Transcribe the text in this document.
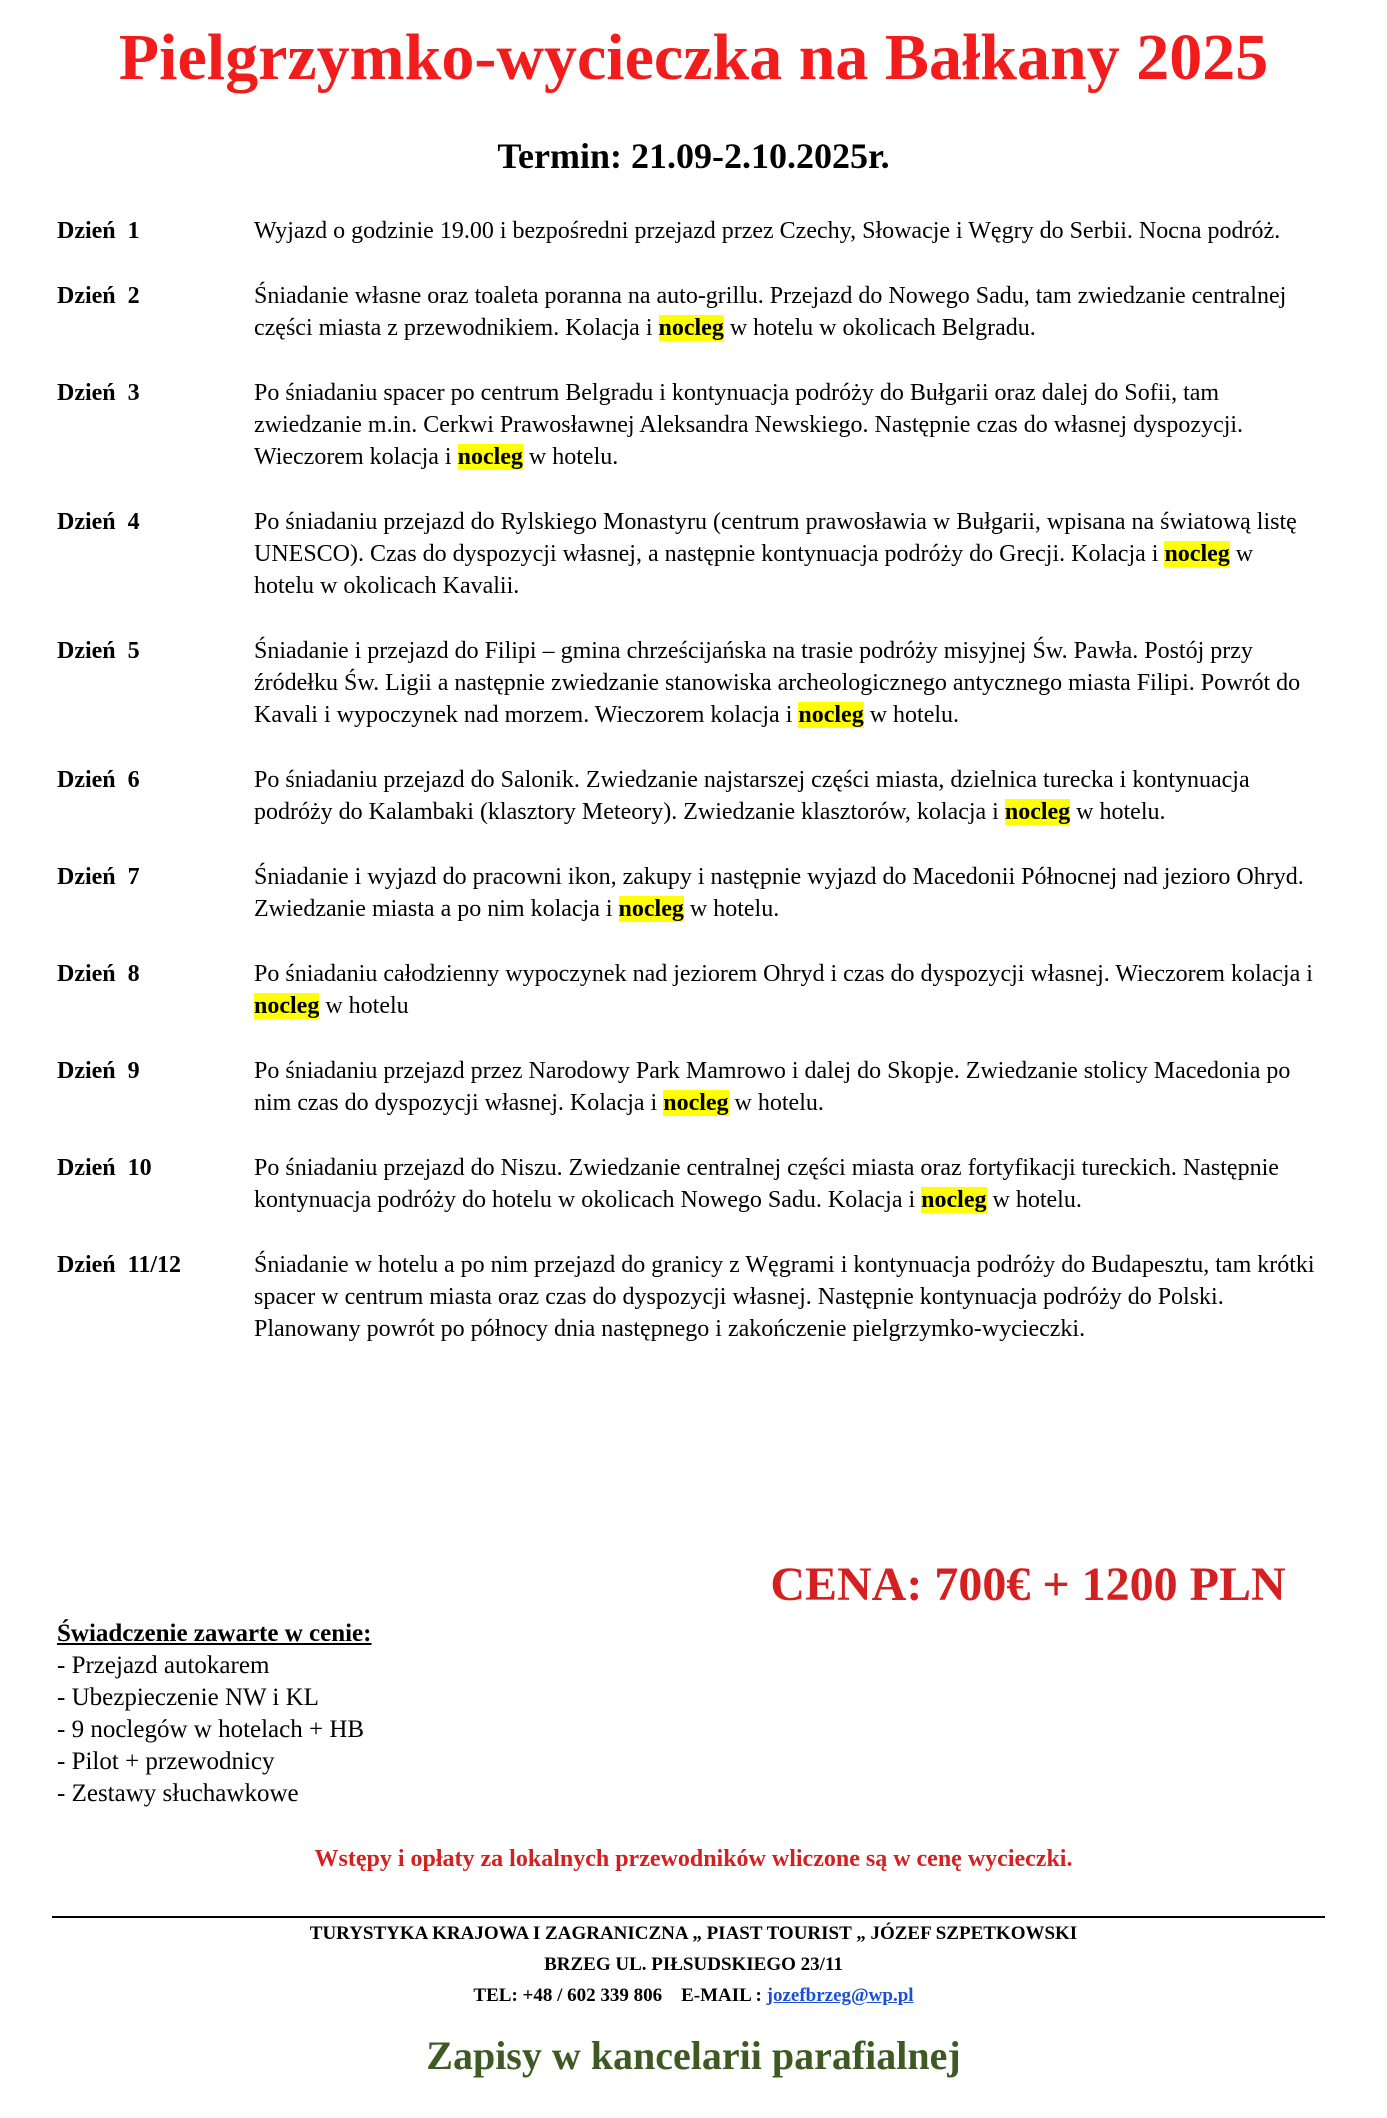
Pielgrzymko-wycieczka na Bałkany 2025
Termin: 21.09-2.10.2025r.
Dzień  1	Wyjazd o godzinie 19.00 i bezpośredni przejazd przez Czechy, Słowacje i Węgry do Serbii. Nocna podróż.
Dzień  2	Śniadanie własne oraz toaleta poranna na auto-grillu. Przejazd do Nowego Sadu, tam zwiedzanie centralnej części miasta z przewodnikiem. Kolacja i nocleg w hotelu w okolicach Belgradu.
Dzień  3	Po śniadaniu spacer po centrum Belgradu i kontynuacja podróży do Bułgarii oraz dalej do Sofii, tam zwiedzanie m.in. Cerkwi Prawosławnej Aleksandra Newskiego. Następnie czas do własnej dyspozycji. Wieczorem kolacja i nocleg w hotelu.
Dzień  4	Po śniadaniu przejazd do Rylskiego Monastyru (centrum prawosławia w Bułgarii, wpisana na światową listę UNESCO). Czas do dyspozycji własnej, a następnie kontynuacja podróży do Grecji. Kolacja i nocleg w hotelu w okolicach Kavalii.
Dzień  5	Śniadanie i przejazd do Filipi – gmina chrześcijańska na trasie podróży misyjnej Św. Pawła. Postój przy źródełku Św. Ligii a następnie zwiedzanie stanowiska archeologicznego antycznego miasta Filipi. Powrót do Kavali i wypoczynek nad morzem. Wieczorem kolacja i nocleg w hotelu.
Dzień  6	Po śniadaniu przejazd do Salonik. Zwiedzanie najstarszej części miasta, dzielnica turecka i kontynuacja podróży do Kalambaki (klasztory Meteory). Zwiedzanie klasztorów, kolacja i nocleg w hotelu.
Dzień  7	Śniadanie i wyjazd do pracowni ikon, zakupy i następnie wyjazd do Macedonii Północnej nad jezioro Ohryd. Zwiedzanie miasta a po nim kolacja i nocleg w hotelu.
Dzień  8	Po śniadaniu całodzienny wypoczynek nad jeziorem Ohryd i czas do dyspozycji własnej. Wieczorem kolacja i nocleg w hotelu
Dzień  9	Po śniadaniu przejazd przez Narodowy Park Mamrowo i dalej do Skopje. Zwiedzanie stolicy Macedonia po nim czas do dyspozycji własnej. Kolacja i nocleg w hotelu.
Dzień  10	Po śniadaniu przejazd do Niszu. Zwiedzanie centralnej części miasta oraz fortyfikacji tureckich. Następnie kontynuacja podróży do hotelu w okolicach Nowego Sadu. Kolacja i nocleg w hotelu.
Dzień  11/12	Śniadanie w hotelu a po nim przejazd do granicy z Węgrami i kontynuacja podróży do Budapesztu, tam krótki spacer w centrum miasta oraz czas do dyspozycji własnej. Następnie kontynuacja podróży do Polski. Planowany powrót po północy dnia następnego i zakończenie pielgrzymko-wycieczki.
CENA: 700€ + 1200 PLN
Świadczenie zawarte w cenie:
- Przejazd autokarem
- Ubezpieczenie NW i KL
- 9 noclegów w hotelach + HB
- Pilot + przewodnicy
- Zestawy słuchawkowe
Wstępy i opłaty za lokalnych przewodników wliczone są w cenę wycieczki.
TURYSTYKA KRAJOWA I ZAGRANICZNA „ PIAST TOURIST „ JÓZEF SZPETKOWSKI
BRZEG UL. PIŁSUDSKIEGO 23/11
TEL: +48 / 602 339 806 E-MAIL : jozefbrzeg@wp.pl
Zapisy w kancelarii parafialnej
